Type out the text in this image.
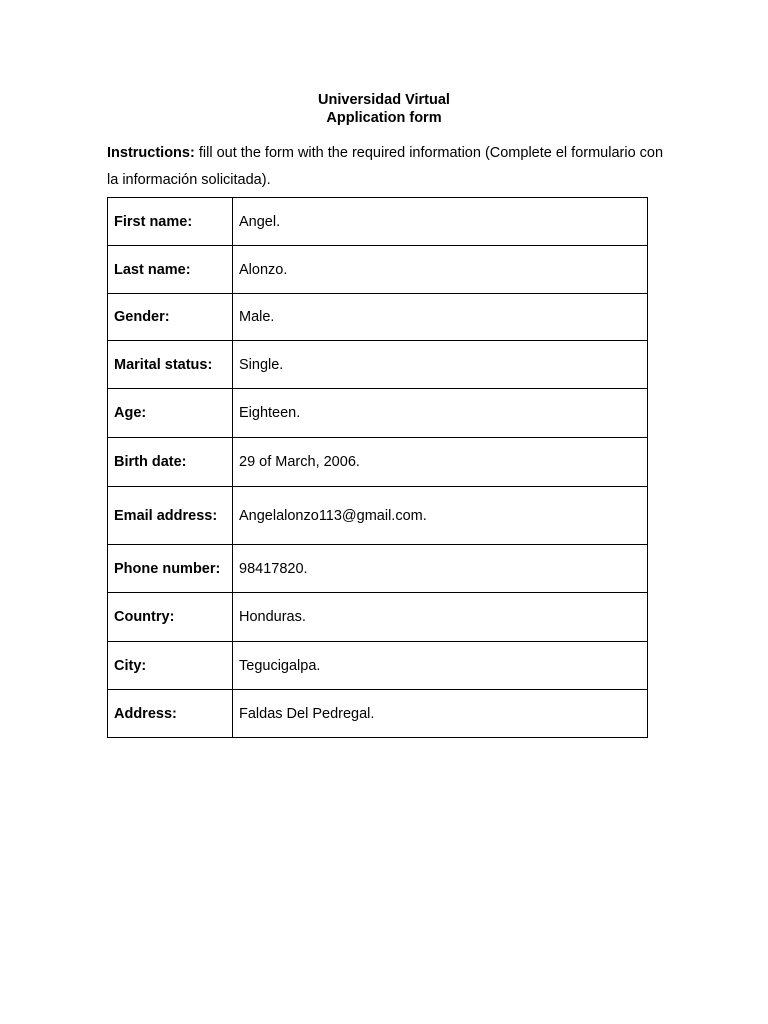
Universidad Virtual
Application form
Instructions: fill out the form with the required information (Complete el formulario con la información solicitada).
First name:	Angel.
Last name:	Alonzo.
Gender:	Male.
Marital status:	Single.
Age:	Eighteen.
Birth date:	29 of March, 2006.
Email address:	Angelalonzo113@gmail.com.
Phone number:	98417820.
Country:	Honduras.
City:	Tegucigalpa.
Address:	Faldas Del Pedregal.
